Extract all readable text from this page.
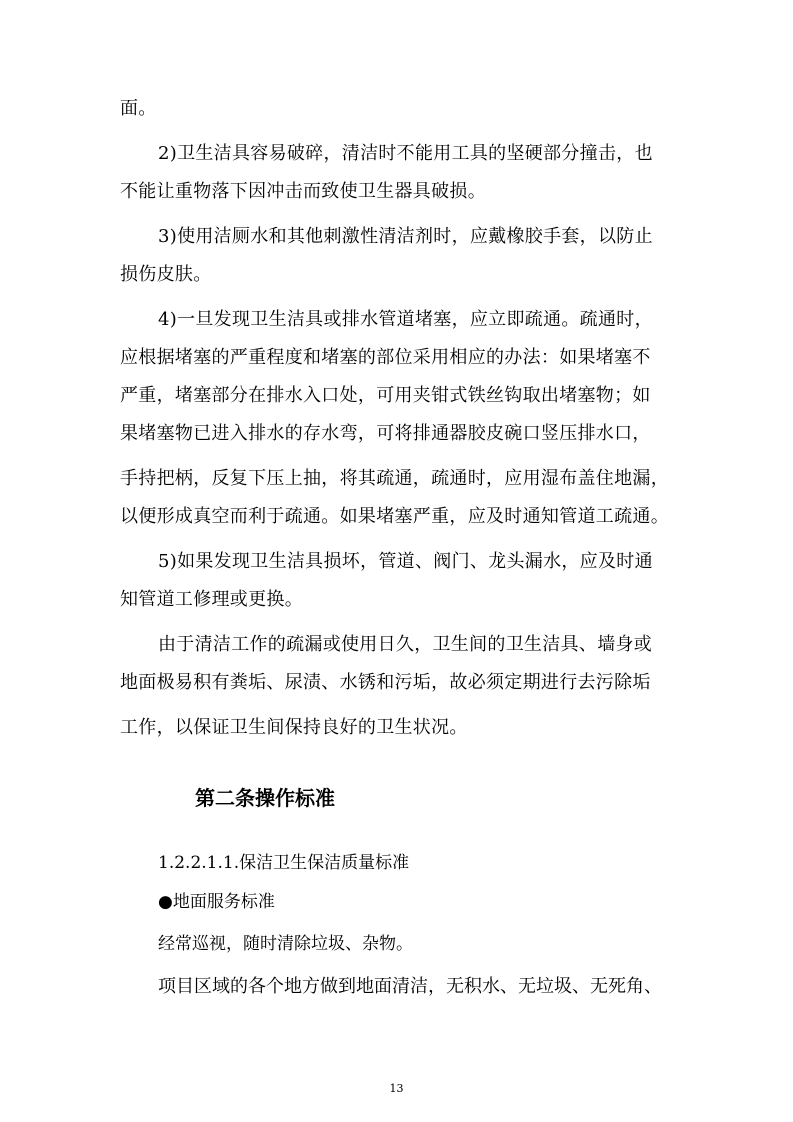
面。
2)卫生洁具容易破碎，清洁时不能用工具的坚硬部分撞击，也
不能让重物落下因冲击而致使卫生器具破损。
3)使用洁厕水和其他刺激性清洁剂时，应戴橡胶手套，以防止
损伤皮肤。
4)一旦发现卫生洁具或排水管道堵塞，应立即疏通。疏通时，
应根据堵塞的严重程度和堵塞的部位采用相应的办法：如果堵塞不
严重，堵塞部分在排水入口处，可用夹钳式铁丝钩取出堵塞物；如
果堵塞物已进入排水的存水弯，可将排通器胶皮碗口竖压排水口，
手持把柄，反复下压上抽，将其疏通，疏通时，应用湿布盖住地漏，
以便形成真空而利于疏通。如果堵塞严重，应及时通知管道工疏通。
5)如果发现卫生洁具损坏，管道、阀门、龙头漏水，应及时通
知管道工修理或更换。
由于清洁工作的疏漏或使用日久，卫生间的卫生洁具、墙身或
地面极易积有粪垢、尿渍、水锈和污垢，故必须定期进行去污除垢
工作，以保证卫生间保持良好的卫生状况。
第二条操作标准
1.2.2.1.1.保洁卫生保洁质量标准
●地面服务标准
经常巡视，随时清除垃圾、杂物。
项目区域的各个地方做到地面清洁，无积水、无垃圾、无死角、
13
